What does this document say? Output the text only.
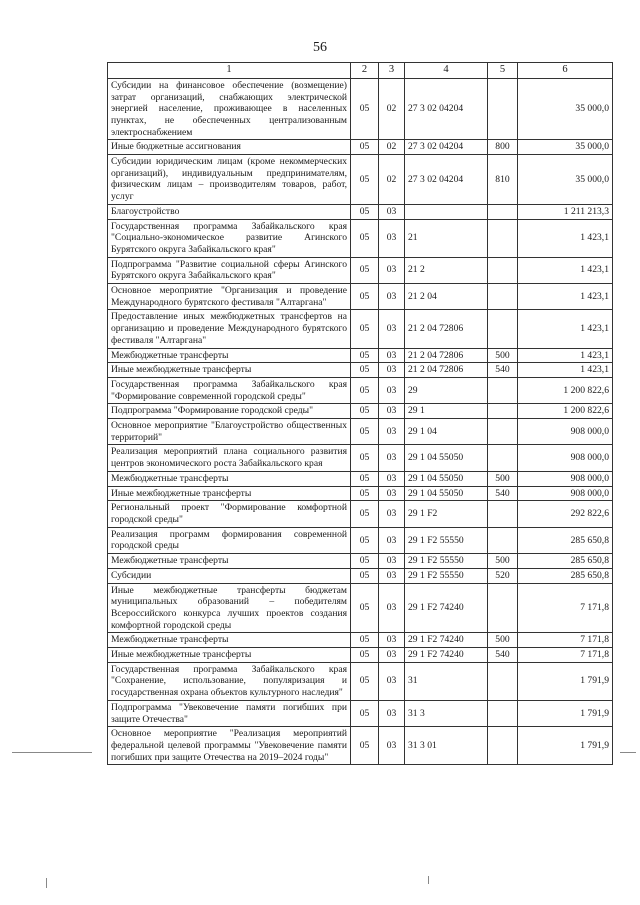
56
1	2	3	4	5	6
Субсидии на финансовое обеспечение (возмещение) затрат организаций, снабжающих электрической энергией население, проживающее в населенных пунктах, не обеспеченных централизованным электроснабжением	05	02	27 3 02 04204		35 000,0
Иные бюджетные ассигнования	05	02	27 3 02 04204	800	35 000,0
Субсидии юридическим лицам (кроме некоммерческих организаций), индивидуальным предпринимателям, физическим лицам – производителям товаров, работ, услуг	05	02	27 3 02 04204	810	35 000,0
Благоустройство	05	03			1 211 213,3
Государственная программа Забайкальского края "Социально-экономическое развитие Агинского Бурятского округа Забайкальского края"	05	03	21		1 423,1
Подпрограмма "Развитие социальной сферы Агинского Бурятского округа Забайкальского края"	05	03	21 2		1 423,1
Основное мероприятие "Организация и проведение Международного бурятского фестиваля "Алтаргана"	05	03	21 2 04		1 423,1
Предоставление иных межбюджетных трансфертов на организацию и проведение Международного бурятского фестиваля "Алтаргана"	05	03	21 2 04 72806		1 423,1
Межбюджетные трансферты	05	03	21 2 04 72806	500	1 423,1
Иные межбюджетные трансферты	05	03	21 2 04 72806	540	1 423,1
Государственная программа Забайкальского края "Формирование современной городской среды"	05	03	29		1 200 822,6
Подпрограмма "Формирование городской среды"	05	03	29 1		1 200 822,6
Основное мероприятие "Благоустройство общественных территорий"	05	03	29 1 04		908 000,0
Реализация мероприятий плана социального развития центров экономического роста Забайкальского края	05	03	29 1 04 55050		908 000,0
Межбюджетные трансферты	05	03	29 1 04 55050	500	908 000,0
Иные межбюджетные трансферты	05	03	29 1 04 55050	540	908 000,0
Региональный проект "Формирование комфортной городской среды"	05	03	29 1 F2		292 822,6
Реализация программ формирования современной городской среды	05	03	29 1 F2 55550		285 650,8
Межбюджетные трансферты	05	03	29 1 F2 55550	500	285 650,8
Субсидии	05	03	29 1 F2 55550	520	285 650,8
Иные межбюджетные трансферты бюджетам муниципальных образований – победителям Всероссийского конкурса лучших проектов создания комфортной городской среды	05	03	29 1 F2 74240		7 171,8
Межбюджетные трансферты	05	03	29 1 F2 74240	500	7 171,8
Иные межбюджетные трансферты	05	03	29 1 F2 74240	540	7 171,8
Государственная программа Забайкальского края "Сохранение, использование, популяризация и государственная охрана объектов культурного наследия"	05	03	31		1 791,9
Подпрограмма "Увековечение памяти погибших при защите Отечества"	05	03	31 3		1 791,9
Основное мероприятие "Реализация мероприятий федеральной целевой программы "Увековечение памяти погибших при защите Отечества на 2019–2024 годы"	05	03	31 3 01		1 791,9
